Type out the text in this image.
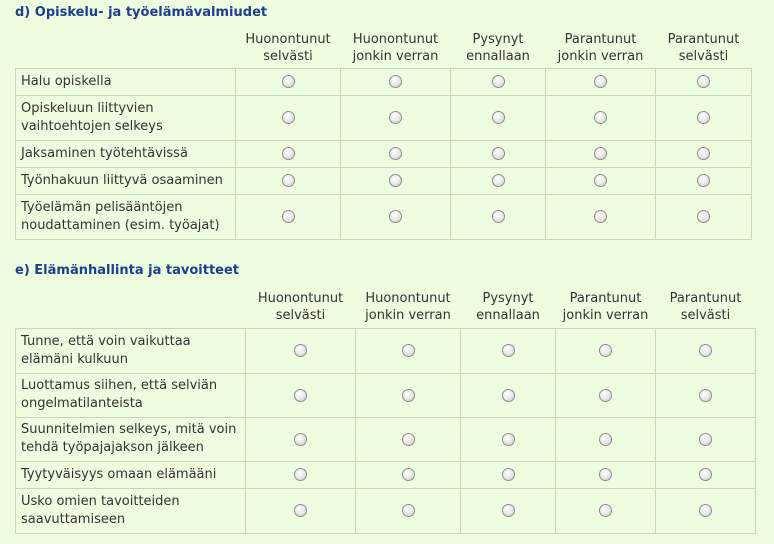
d) Opiskelu- ja työelämävalmiudet
	Huonontunut selvästi	Huonontunut jonkin verran	Pysynyt ennallaan	Parantunut jonkin verran	Parantunut selvästi
Halu opiskella					
Opiskeluun liittyvien vaihtoehtojen selkeys					
Jaksaminen työtehtävissä					
Työnhakuun liittyvä osaaminen					
Työelämän pelisääntöjen noudattaminen (esim. työajat)					
e) Elämänhallinta ja tavoitteet
	Huonontunut selvästi	Huonontunut jonkin verran	Pysynyt ennallaan	Parantunut jonkin verran	Parantunut selvästi
Tunne, että voin vaikuttaa elämäni kulkuun					
Luottamus siihen, että selviän ongelmatilanteista					
Suunnitelmien selkeys, mitä voin tehdä työpajajakson jälkeen					
Tyytyväisyys omaan elämääni					
Usko omien tavoitteiden saavuttamiseen					
